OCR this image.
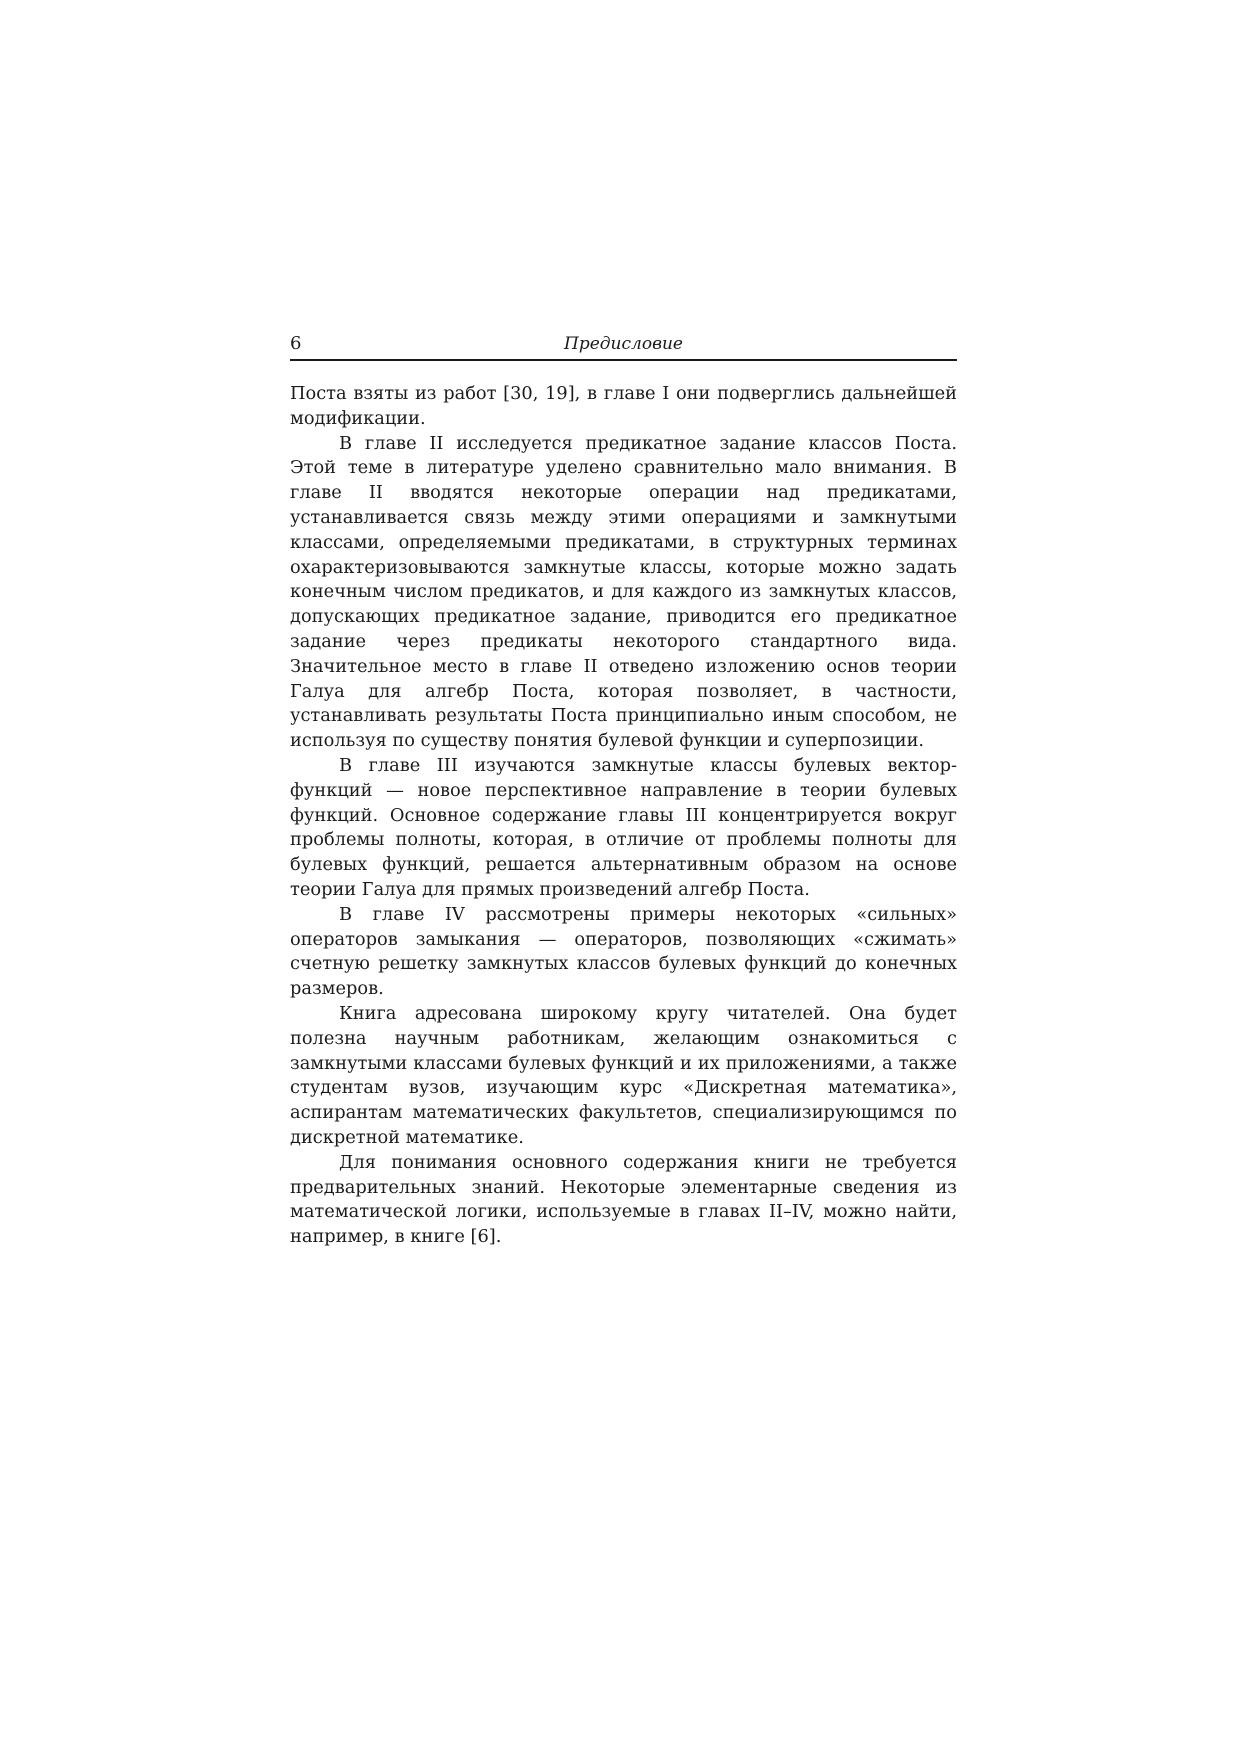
6	Предисловие

Поста взяты из работ [30, 19], в главе I они подверглись дальнейшей модификации.

В главе II исследуется предикатное задание классов Поста. Этой теме в литературе уделено сравнительно мало внимания. В главе II вводятся некоторые операции над предикатами, устанавливается связь между этими операциями и замкнутыми классами, определяемыми предикатами, в структурных терминах охарактеризовываются замкнутые классы, которые можно задать конечным числом предикатов, и для каждого из замкнутых классов, допускающих предикатное задание, приводится его предикатное задание через предикаты некоторого стандартного вида. Значительное место в главе II отведено изложению основ теории Галуа для алгебр Поста, которая позволяет, в частности, устанавливать результаты Поста принципиально иным способом, не используя по существу понятия булевой функции и суперпозиции.

В главе III изучаются замкнутые классы булевых вектор-функций — новое перспективное направление в теории булевых функций. Основное содержание главы III концентрируется вокруг проблемы полноты, которая, в отличие от проблемы полноты для булевых функций, решается альтернативным образом на основе теории Галуа для прямых произведений алгебр Поста.

В главе IV рассмотрены примеры некоторых «сильных» операторов замыкания — операторов, позволяющих «сжимать» счетную решетку замкнутых классов булевых функций до конечных размеров.

Книга адресована широкому кругу читателей. Она будет полезна научным работникам, желающим ознакомиться с замкнутыми классами булевых функций и их приложениями, а также студентам вузов, изучающим курс «Дискретная математика», аспирантам математических факультетов, специализирующимся по дискретной математике.

Для понимания основного содержания книги не требуется предварительных знаний. Некоторые элементарные сведения из математической логики, используемые в главах II–IV, можно найти, например, в книге [6].
